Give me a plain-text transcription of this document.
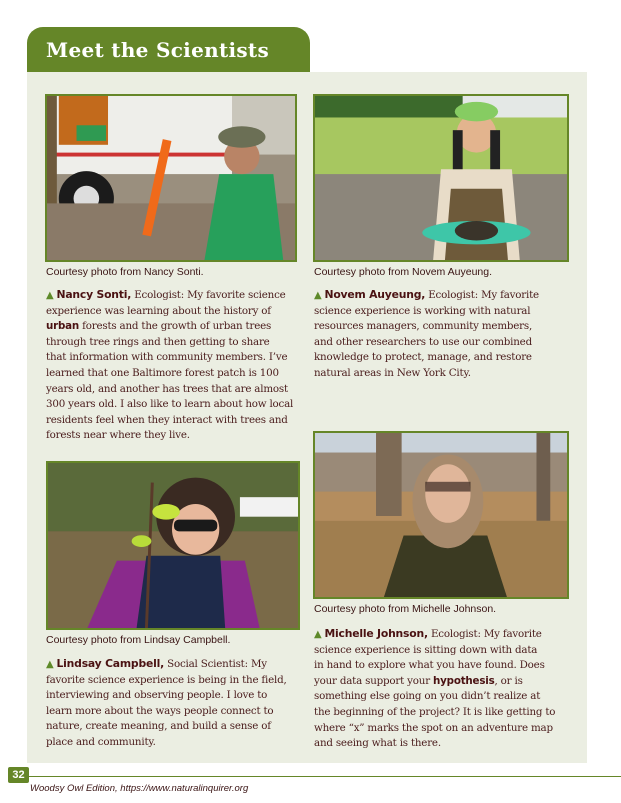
Meet the Scientists
Courtesy photo from Nancy Sonti.
▲ Nancy Sonti, Ecologist: My favorite science
experience was learning about the history of
urban forests and the growth of urban trees
through tree rings and then getting to share
that information with community members. I’ve
learned that one Baltimore forest patch is 100
years old, and another has trees that are almost
300 years old. I also like to learn about how local
residents feel when they interact with trees and
forests near where they live.
Courtesy photo from Novem Auyeung.
▲ Novem Auyeung, Ecologist: My favorite
science experience is working with natural
resources managers, community members,
and other researchers to use our combined
knowledge to protect, manage, and restore
natural areas in New York City.
Courtesy photo from Michelle Johnson.
▲ Michelle Johnson, Ecologist: My favorite
science experience is sitting down with data
in hand to explore what you have found. Does
your data support your hypothesis, or is
something else going on you didn’t realize at
the beginning of the project? It is like getting to
where “x” marks the spot on an adventure map
and seeing what is there.
Courtesy photo from Lindsay Campbell.
▲ Lindsay Campbell, Social Scientist: My
favorite science experience is being in the field,
interviewing and observing people. I love to
learn more about the ways people connect to
nature, create meaning, and build a sense of
place and community.
32
Woodsy Owl Edition, https://www.naturalinquirer.org
